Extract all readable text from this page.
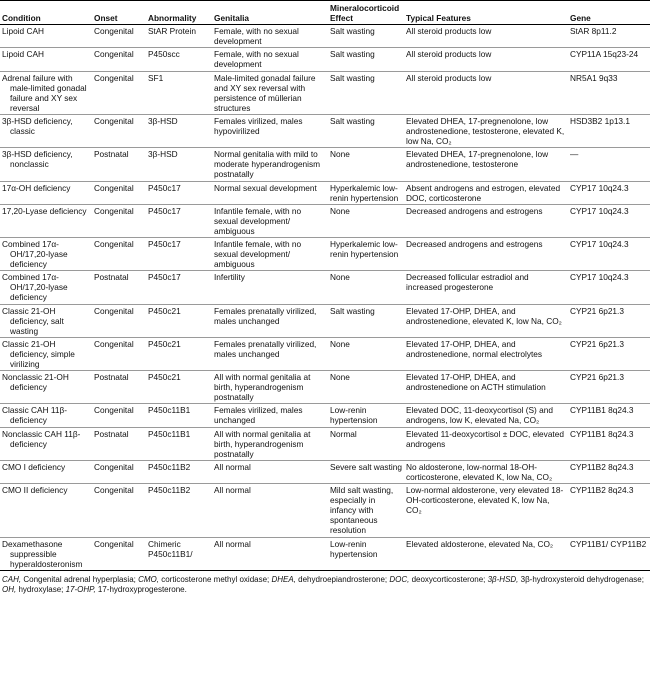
Condition	Onset	Abnormality	Genitalia	Mineralocorticoid Effect	Typical Features	Gene

Lipoid CAH	Congenital	StAR Protein	Female, with no sexual development	Salt wasting	All steroid products low	StAR 8p11.2

Lipoid CAH	Congenital	P450scc	Female, with no sexual development	Salt wasting	All steroid products low	CYP11A 15q23-24

Adrenal failure with male-limited gonadal failure and XY sex reversal	Congenital	SF1	Male-limited gonadal failure and XY sex reversal with persistence of müllerian structures	Salt wasting	All steroid products low	NR5A1 9q33

3β-HSD deficiency, classic	Congenital	3β-HSD	Females virilized, males hypovirilized	Salt wasting	Elevated DHEA, 17-pregnenolone, low androstenedione, testosterone, elevated K, low Na, CO₂	HSD3B2 1p13.1

3β-HSD deficiency, nonclassic	Postnatal	3β-HSD	Normal genitalia with mild to moderate hyperandrogenism postnatally	None	Elevated DHEA, 17-pregnenolone, low androstenedione, testosterone	—

17α-OH deficiency	Congenital	P450c17	Normal sexual development	Hyperkalemic low-renin hypertension	Absent androgens and estrogen, elevated DOC, corticosterone	CYP17 10q24.3

17,20-Lyase deficiency	Congenital	P450c17	Infantile female, with no sexual development/ ambiguous	None	Decreased androgens and estrogens	CYP17 10q24.3

Combined 17α-OH/17,20-lyase deficiency	Congenital	P450c17	Infantile female, with no sexual development/ ambiguous	Hyperkalemic low-renin hypertension	Decreased androgens and estrogens	CYP17 10q24.3

Combined 17α-OH/17,20-lyase deficiency	Postnatal	P450c17	Infertility	None	Decreased follicular estradiol and increased progesterone	CYP17 10q24.3

Classic 21-OH deficiency, salt wasting	Congenital	P450c21	Females prenatally virilized, males unchanged	Salt wasting	Elevated 17-OHP, DHEA, and androstenedione, elevated K, low Na, CO₂	CYP21 6p21.3

Classic 21-OH deficiency, simple virilizing	Congenital	P450c21	Females prenatally virilized, males unchanged	None	Elevated 17-OHP, DHEA, and androstenedione, normal electrolytes	CYP21 6p21.3

Nonclassic 21-OH deficiency	Postnatal	P450c21	All with normal genitalia at birth, hyperandrogenism postnatally	None	Elevated 17-OHP, DHEA, and androstenedione on ACTH stimulation	CYP21 6p21.3

Classic CAH 11β-deficiency	Congenital	P450c11B1	Females virilized, males unchanged	Low-renin hypertension	Elevated DOC, 11-deoxycortisol (S) and androgens, low K, elevated Na, CO₂	CYP11B1 8q24.3

Nonclassic CAH 11β-deficiency	Postnatal	P450c11B1	All with normal genitalia at birth, hyperandrogenism postnatally	Normal	Elevated 11-deoxycortisol ± DOC, elevated androgens	CYP11B1 8q24.3

CMO I deficiency	Congenital	P450c11B2	All normal	Severe salt wasting	No aldosterone, low-normal 18-OH-corticosterone, elevated K, low Na, CO₂	CYP11B2 8q24.3

CMO II deficiency	Congenital	P450c11B2	All normal	Mild salt wasting, especially in infancy with spontaneous resolution	Low-normal aldosterone, very elevated 18-OH-corticosterone, elevated K, low Na, CO₂	CYP11B2 8q24.3

Dexamethasone suppressible hyperaldosteronism	Congenital	Chimeric P450c11B1/	All normal	Low-renin hypertension	Elevated aldosterone, elevated Na, CO₂	CYP11B1/ CYP11B2
CAH, Congenital adrenal hyperplasia; CMO, corticosterone methyl oxidase; DHEA, dehydroepiandrosterone; DOC, deoxycorticosterone; 3β-HSD, 3β-hydroxysteroid dehydrogenase; OH, hydroxylase; 17-OHP, 17-hydroxyprogesterone.
